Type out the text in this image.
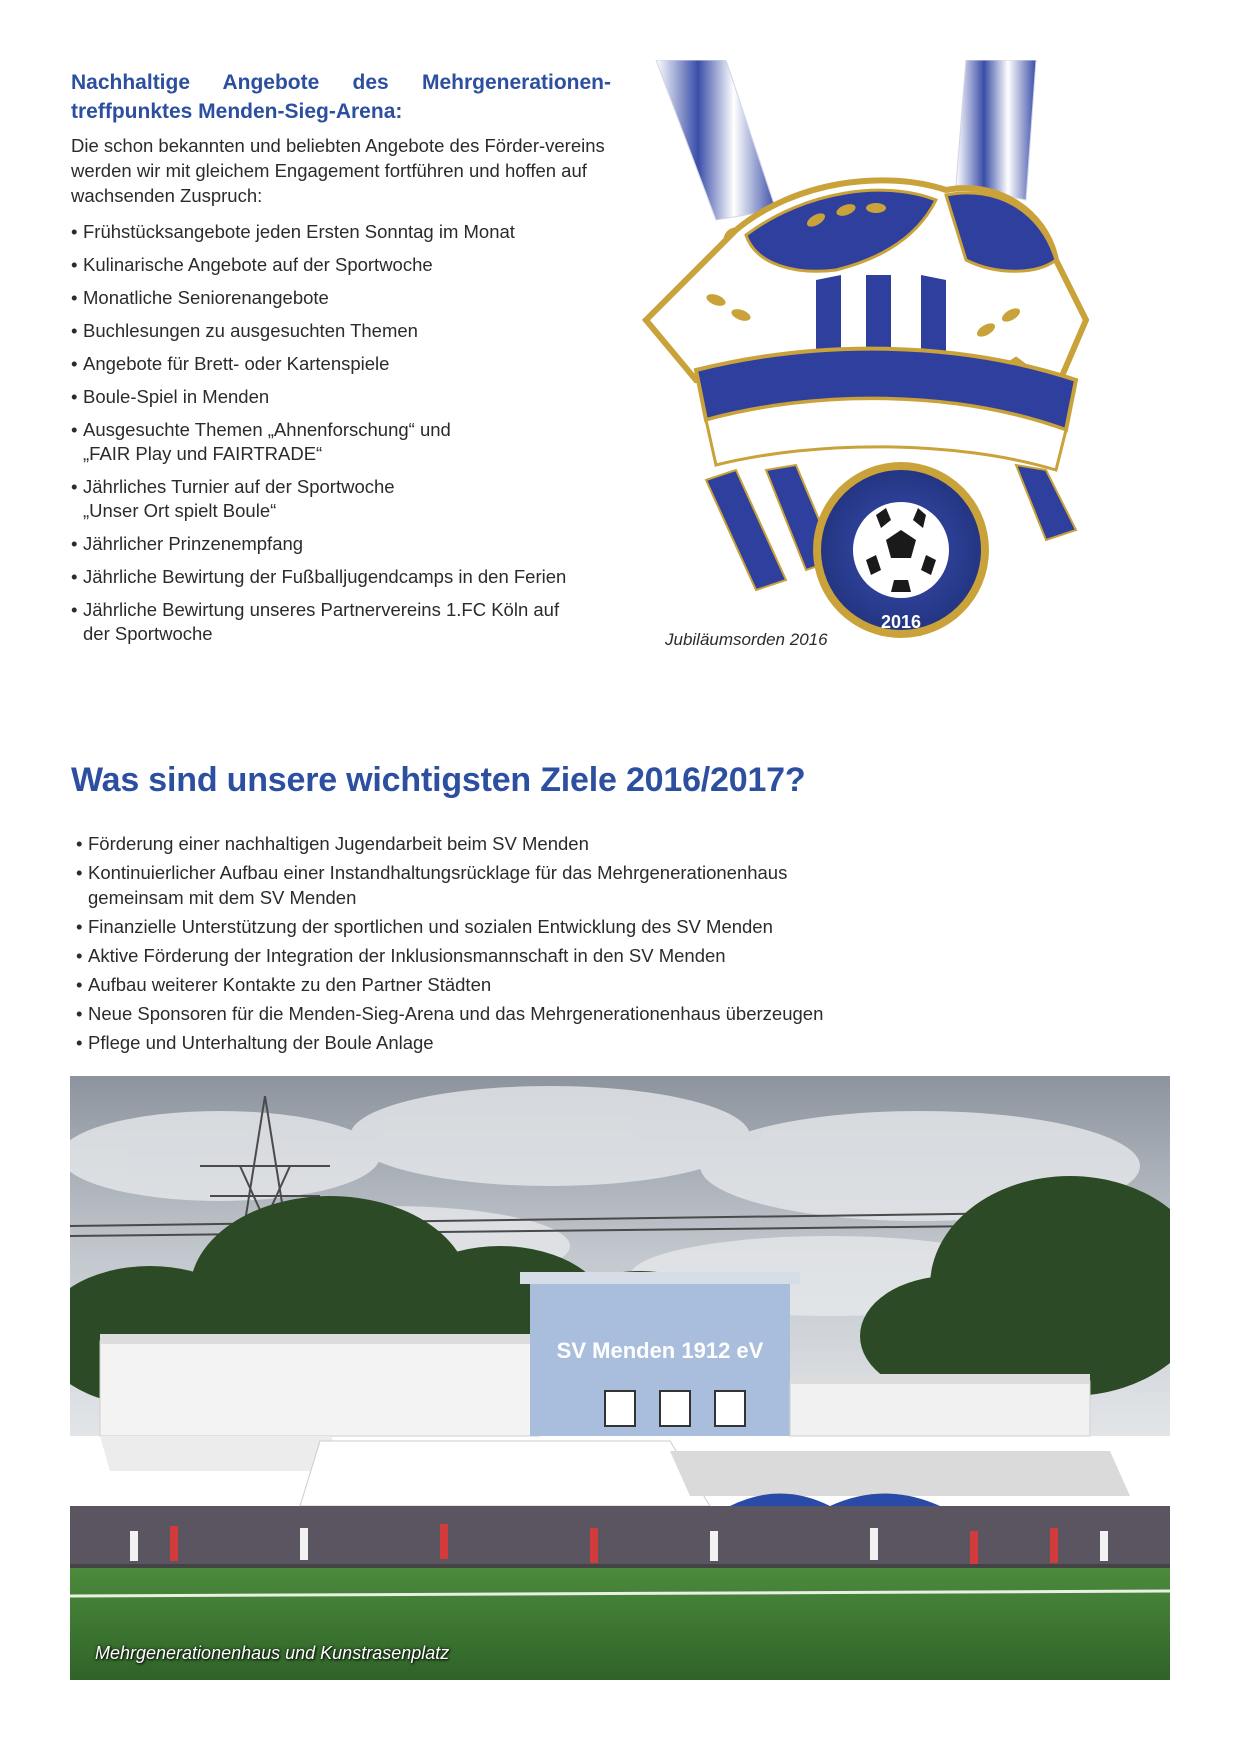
Nachhaltige Angebote des Mehrgenerationen-treffpunktes Menden-Sieg-Arena:
Die schon bekannten und beliebten Angebote des Förder-vereins werden wir mit gleichem Engagement fortführen und hoffen auf wachsenden Zuspruch:
• Frühstücksangebote jeden Ersten Sonntag im Monat
• Kulinarische Angebote auf der Sportwoche
• Monatliche Seniorenangebote
• Buchlesungen zu ausgesuchten Themen
• Angebote für Brett- oder Kartenspiele
• Boule-Spiel in Menden
• Ausgesuchte Themen „Ahnenforschung“ und
„FAIR Play und FAIRTRADE“
• Jährliches Turnier auf der Sportwoche
„Unser Ort spielt Boule“
• Jährlicher Prinzenempfang
• Jährliche Bewirtung der Fußballjugendcamps in den Ferien
• Jährliche Bewirtung unseres Partnervereins 1.FC Köln auf
der Sportwoche
2016
Jubiläumsorden 2016
Was sind unsere wichtigsten Ziele 2016/2017?
• Förderung einer nachhaltigen Jugendarbeit beim SV Menden
• Kontinuierlicher Aufbau einer Instandhaltungsrücklage für das Mehrgenerationenhaus
gemeinsam mit dem SV Menden
• Finanzielle Unterstützung der sportlichen und sozialen Entwicklung des SV Menden
• Aktive Förderung der Integration der Inklusionsmannschaft in den SV Menden
• Aufbau weiterer Kontakte zu den Partner Städten
• Neue Sponsoren für die Menden-Sieg-Arena und das Mehrgenerationenhaus überzeugen
• Pflege und Unterhaltung der Boule Anlage
SV Menden 1912 eV
Mehrgenerationenhaus und Kunstrasenplatz
